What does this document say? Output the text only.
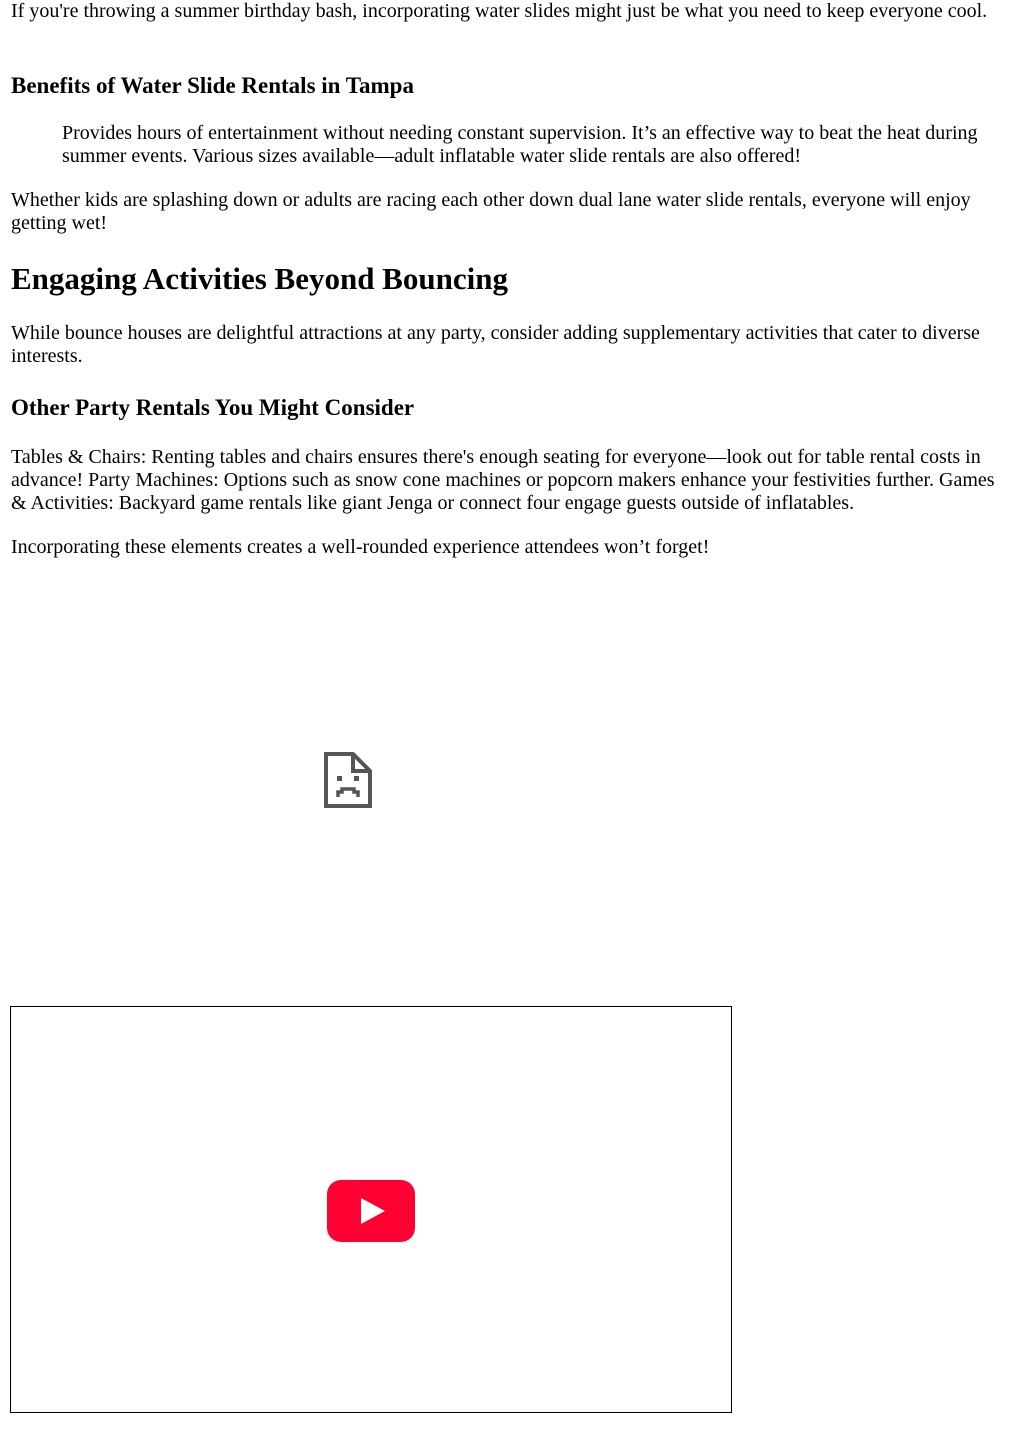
If you're throwing a summer birthday bash, incorporating water slides might just be what you need to keep everyone cool.

Benefits of Water Slide Rentals in Tampa
Provides hours of entertainment without needing constant supervision. It’s an effective way to beat the heat during summer events. Various sizes available—adult inflatable water slide rentals are also offered!

Whether kids are splashing down or adults are racing each other down dual lane water slide rentals, everyone will enjoy getting wet!

Engaging Activities Beyond Bouncing

While bounce houses are delightful attractions at any party, consider adding supplementary activities that cater to diverse interests.

Other Party Rentals You Might Consider

Tables & Chairs: Renting tables and chairs ensures there's enough seating for everyone—look out for table rental costs in advance! Party Machines: Options such as snow cone machines or popcorn makers enhance your festivities further. Games & Activities: Backyard game rentals like giant Jenga or connect four engage guests outside of inflatables.

Incorporating these elements creates a well-rounded experience attendees won’t forget!
